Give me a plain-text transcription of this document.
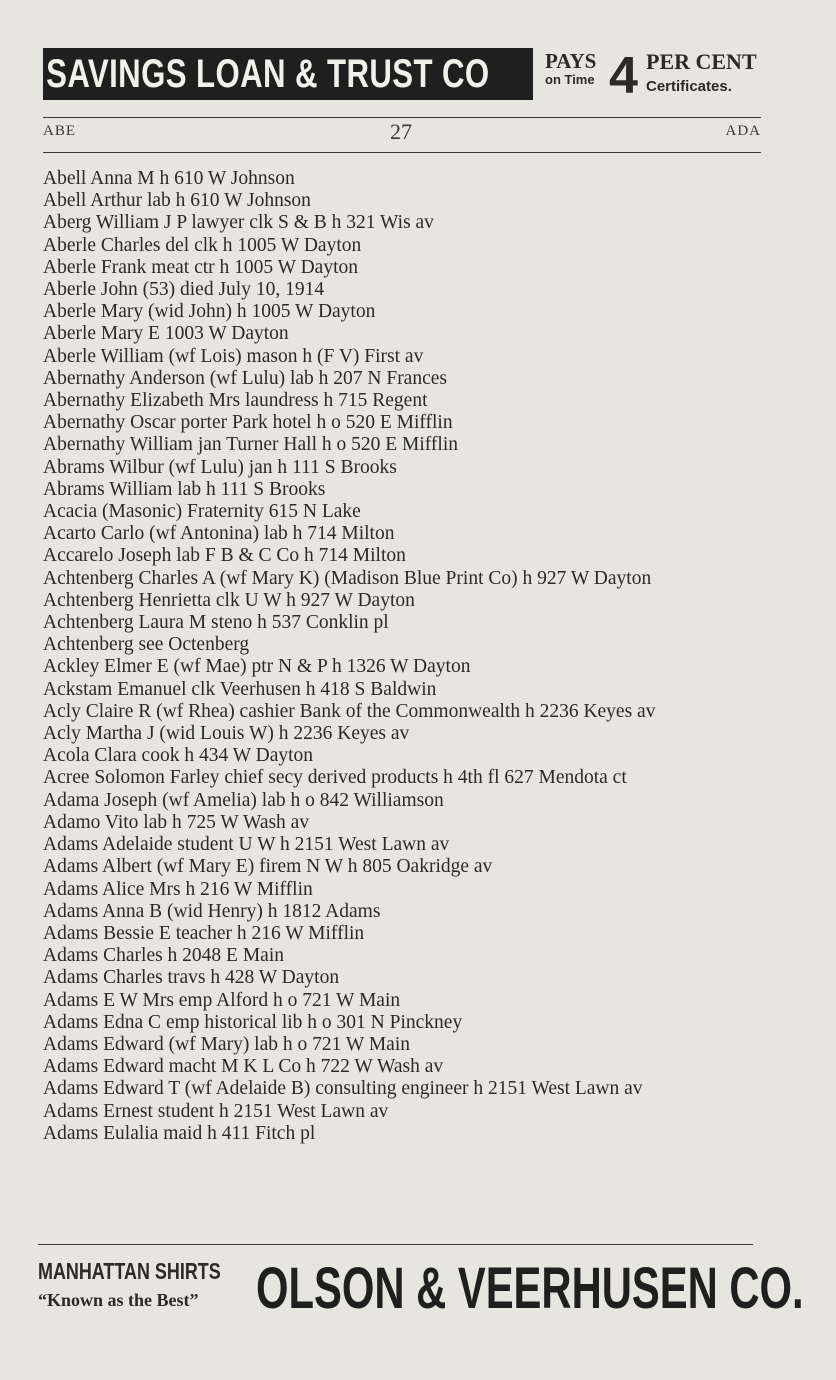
SAVINGS LOAN & TRUST CO	PAYS
on Time 4 PER CENT
Certificates.
ABE	27	ADA
Abell Anna M h 610 W Johnson
Abell Arthur lab h 610 W Johnson
Aberg William J P lawyer clk S & B h 321 Wis av
Aberle Charles del clk h 1005 W Dayton
Aberle Frank meat ctr h 1005 W Dayton
Aberle John (53) died July 10, 1914
Aberle Mary (wid John) h 1005 W Dayton
Aberle Mary E 1003 W Dayton
Aberle William (wf Lois) mason h (F V) First av
Abernathy Anderson (wf Lulu) lab h 207 N Frances
Abernathy Elizabeth Mrs laundress h 715 Regent
Abernathy Oscar porter Park hotel h o 520 E Mifflin
Abernathy William jan Turner Hall h o 520 E Mifflin
Abrams Wilbur (wf Lulu) jan h 111 S Brooks
Abrams William lab h 111 S Brooks
Acacia (Masonic) Fraternity 615 N Lake
Acarto Carlo (wf Antonina) lab h 714 Milton
Accarelo Joseph lab F B & C Co h 714 Milton
Achtenberg Charles A (wf Mary K) (Madison Blue Print Co) h 927 W Dayton
Achtenberg Henrietta clk U W h 927 W Dayton
Achtenberg Laura M steno h 537 Conklin pl
Achtenberg see Octenberg
Ackley Elmer E (wf Mae) ptr N & P h 1326 W Dayton
Ackstam Emanuel clk Veerhusen h 418 S Baldwin
Acly Claire R (wf Rhea) cashier Bank of the Commonwealth h 2236 Keyes av
Acly Martha J (wid Louis W) h 2236 Keyes av
Acola Clara cook h 434 W Dayton
Acree Solomon Farley chief secy derived products h 4th fl 627 Mendota ct
Adama Joseph (wf Amelia) lab h o 842 Williamson
Adamo Vito lab h 725 W Wash av
Adams Adelaide student U W h 2151 West Lawn av
Adams Albert (wf Mary E) firem N W h 805 Oakridge av
Adams Alice Mrs h 216 W Mifflin
Adams Anna B (wid Henry) h 1812 Adams
Adams Bessie E teacher h 216 W Mifflin
Adams Charles h 2048 E Main
Adams Charles travs h 428 W Dayton
Adams E W Mrs emp Alford h o 721 W Main
Adams Edna C emp historical lib h o 301 N Pinckney
Adams Edward (wf Mary) lab h o 721 W Main
Adams Edward macht M K L Co h 722 W Wash av
Adams Edward T (wf Adelaide B) consulting engineer h 2151 West Lawn av
Adams Ernest student h 2151 West Lawn av
Adams Eulalia maid h 411 Fitch pl
MANHATTAN SHIRTS
“Known as the Best” OLSON & VEERHUSEN CO.
